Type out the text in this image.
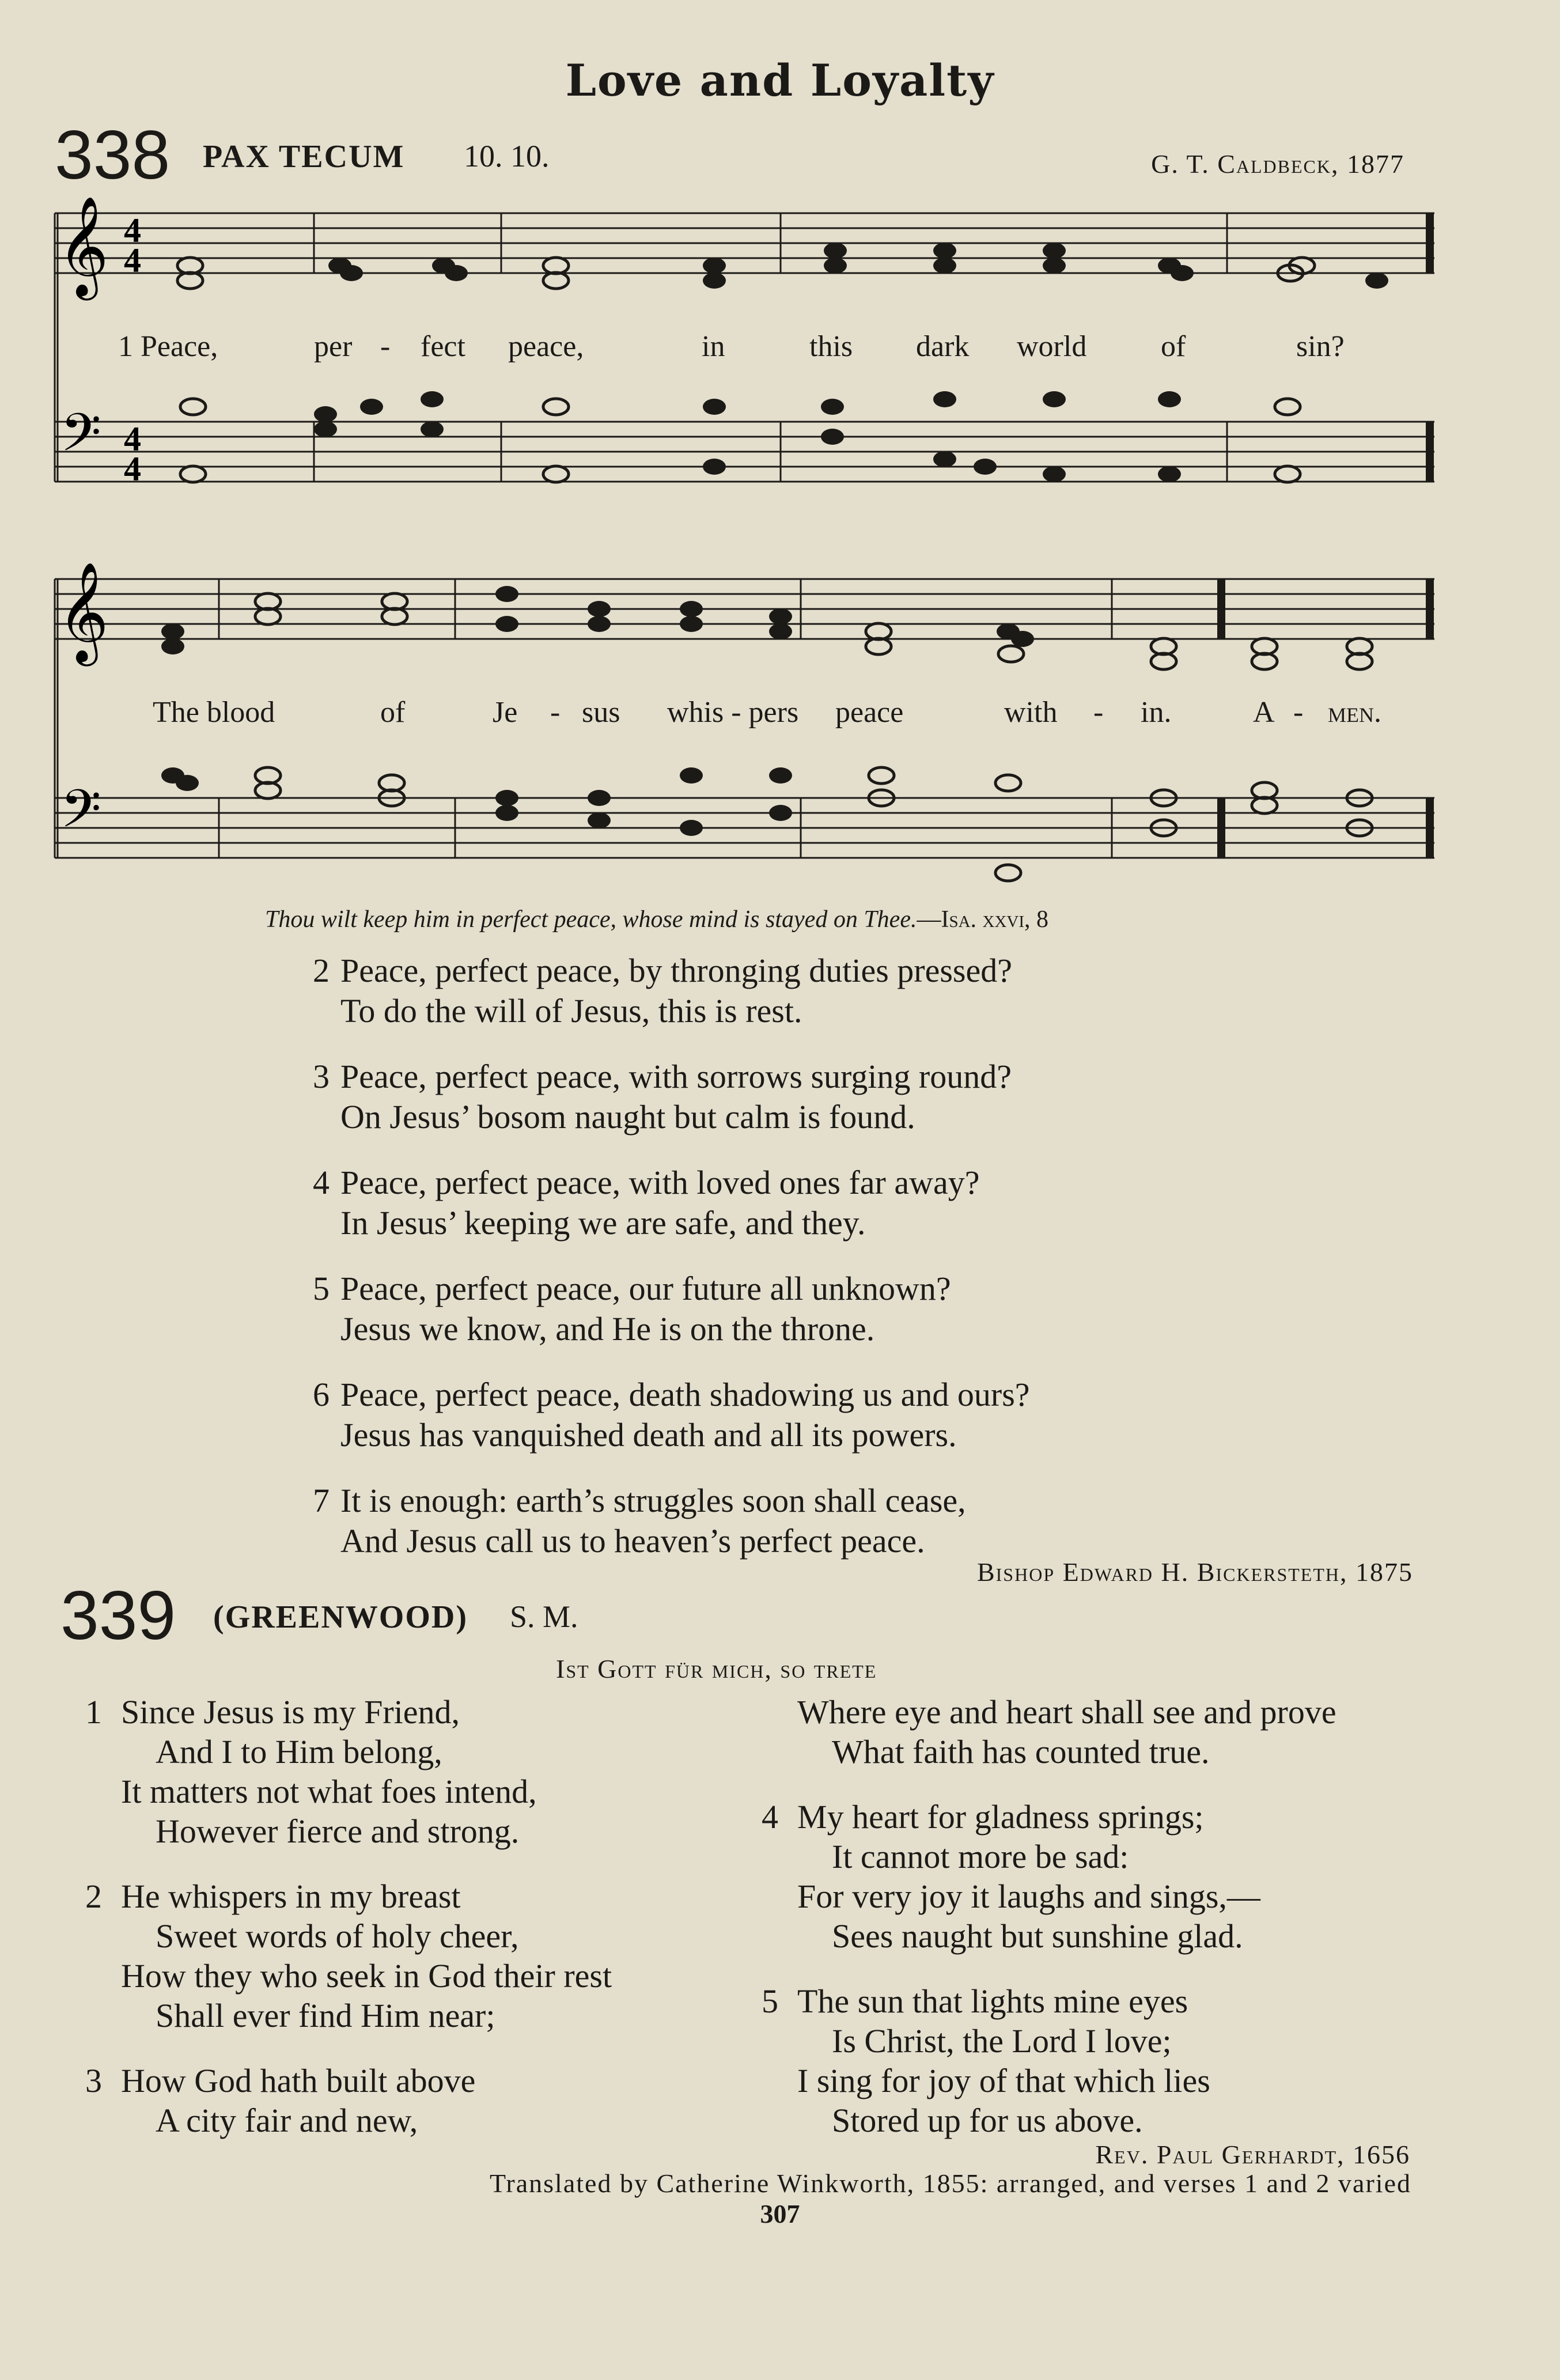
Love and Loyalty
338 PAX TECUM 10. 10.	G. T. Caldbeck, 1877
𝄞
𝄢
4
4
4
4
𝄞
𝄢
1 Peace,	per - fect peace,	in	this dark world of	sin?
The blood	of	Je - sus whis - pers peace	with - in.	A - men.
Thou wilt keep him in perfect peace, whose mind is stayed on Thee.—Isa. xxvi, 8
2 Peace, perfect peace, by thronging duties pressed?
To do the will of Jesus, this is rest.
3 Peace, perfect peace, with sorrows surging round?
On Jesus’ bosom naught but calm is found.
4 Peace, perfect peace, with loved ones far away?
In Jesus’ keeping we are safe, and they.
5 Peace, perfect peace, our future all unknown?
Jesus we know, and He is on the throne.
6 Peace, perfect peace, death shadowing us and ours?
Jesus has vanquished death and all its powers.
7 It is enough: earth’s struggles soon shall cease,
And Jesus call us to heaven’s perfect peace.
Bishop Edward H. Bickersteth, 1875
339 (GREENWOOD) S. M.
Ist Gott für mich, so trete
1 Since Jesus is my Friend,
And I to Him belong,
It matters not what foes intend,
However fierce and strong.
2 He whispers in my breast
Sweet words of holy cheer,
How they who seek in God their rest
Shall ever find Him near;
3 How God hath built above
A city fair and new,
Where eye and heart shall see and prove
What faith has counted true.
4 My heart for gladness springs;
It cannot more be sad:
For very joy it laughs and sings,—
Sees naught but sunshine glad.
5 The sun that lights mine eyes
Is Christ, the Lord I love;
I sing for joy of that which lies
Stored up for us above.
Rev. Paul Gerhardt, 1656
Translated by Catherine Winkworth, 1855: arranged, and verses 1 and 2 varied
307
